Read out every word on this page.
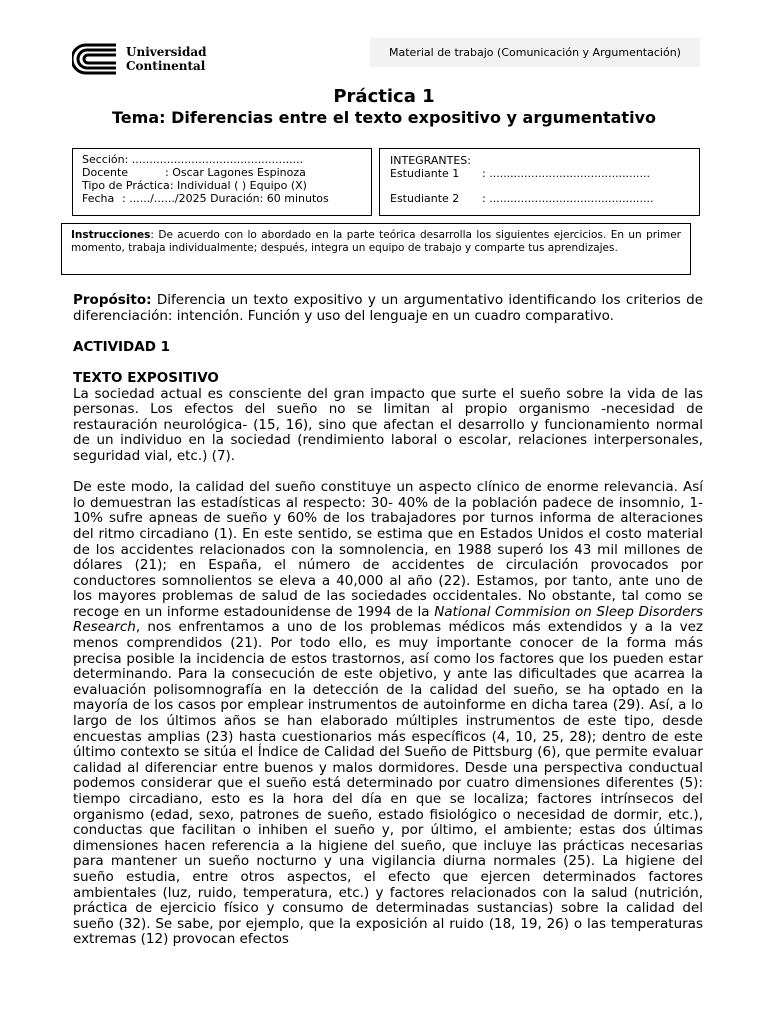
Universidad
Continental
Material de trabajo (Comunicación y Argumentación)
Práctica 1
Tema: Diferencias entre el texto expositivo y argumentativo
Sección : .................................................
Docente	: Oscar Lagones Espinoza
Tipo de Práctica : Individual ( ) Equipo (X)
Fecha : ....../....../2025 Duración: 60 minutos
INTEGRANTES:
Estudiante 1	: ..............................................
Estudiante 2	: ...............................................
Instrucciones: De acuerdo con lo abordado en la parte teórica desarrolla los siguientes ejercicios. En un primer momento, trabaja individualmente; después, integra un equipo de trabajo y comparte tus aprendizajes.

Propósito: Diferencia un texto expositivo y un argumentativo identificando los criterios de diferenciación: intención. Función y uso del lenguaje en un cuadro comparativo.

ACTIVIDAD 1

TEXTO EXPOSITIVO

La sociedad actual es consciente del gran impacto que surte el sueño sobre la vida de las personas. Los efectos del sueño no se limitan al propio organismo -necesidad de restauración neurológica- (15, 16), sino que afectan el desarrollo y funcionamiento normal de un individuo en la sociedad (rendimiento laboral o escolar, relaciones interpersonales, seguridad vial, etc.) (7).

De este modo, la calidad del sueño constituye un aspecto clínico de enorme relevancia. Así lo demuestran las estadísticas al respecto: 30- 40% de la población padece de insomnio, 1-10% sufre apneas de sueño y 60% de los trabajadores por turnos informa de alteraciones del ritmo circadiano (1). En este sentido, se estima que en Estados Unidos el costo material de los accidentes relacionados con la somnolencia, en 1988 superó los 43 mil millones de dólares (21); en España, el número de accidentes de circulación provocados por conductores somnolientos se eleva a 40,000 al año (22). Estamos, por tanto, ante uno de los mayores problemas de salud de las sociedades occidentales. No obstante, tal como se recoge en un informe estadounidense de 1994 de la National Commision on Sleep Disorders Research, nos enfrentamos a uno de los problemas médicos más extendidos y a la vez menos comprendidos (21). Por todo ello, es muy importante conocer de la forma más precisa posible la incidencia de estos trastornos, así como los factores que los pueden estar determinando. Para la consecución de este objetivo, y ante las dificultades que acarrea la evaluación polisomnografía en la detección de la calidad del sueño, se ha optado en la mayoría de los casos por emplear instrumentos de autoinforme en dicha tarea (29). Así, a lo largo de los últimos años se han elaborado múltiples instrumentos de este tipo, desde encuestas amplias (23) hasta cuestionarios más específicos (4, 10, 25, 28); dentro de este último contexto se sitúa el Índice de Calidad del Sueño de Pittsburg (6), que permite evaluar calidad al diferenciar entre buenos y malos dormidores. Desde una perspectiva conductual podemos considerar que el sueño está determinado por cuatro dimensiones diferentes (5): tiempo circadiano, esto es la hora del día en que se localiza; factores intrínsecos del organismo (edad, sexo, patrones de sueño, estado fisiológico o necesidad de dormir, etc.), conductas que facilitan o inhiben el sueño y, por último, el ambiente; estas dos últimas dimensiones hacen referencia a la higiene del sueño, que incluye las prácticas necesarias para mantener un sueño nocturno y una vigilancia diurna normales (25). La higiene del sueño estudia, entre otros aspectos, el efecto que ejercen determinados factores ambientales (luz, ruido, temperatura, etc.) y factores relacionados con la salud (nutrición, práctica de ejercicio físico y consumo de determinadas sustancias) sobre la calidad del sueño (32). Se sabe, por ejemplo, que la exposición al ruido (18, 19, 26) o las temperaturas extremas (12) provocan efectos
